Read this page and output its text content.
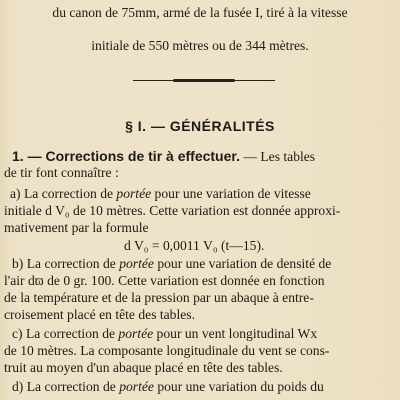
du canon de 75mm, armé de la fusée I, tiré à la vitesse
initiale de 550 mètres ou de 344 mètres.
§ I. — GÉNÉRALITÉS
1. — Corrections de tir à effectuer. — Les tables
de tir font connaître :
a) La correction de portée pour une variation de vitesse
initiale d V₀ de 10 mètres. Cette variation est donnée approxi-
mativement par la formule
d V₀ = 0,0011 V₀ (t—15).
b) La correction de portée pour une variation de densité de
l'air dϖ de 0 gr. 100. Cette variation est donnée en fonction
de la température et de la pression par un abaque à entre-
croisement placé en tête des tables.
c) La correction de portée pour un vent longitudinal Wx
de 10 mètres. La composante longitudinale du vent se cons-
truit au moyen d'un abaque placé en tête des tables.
d) La correction de portée pour une variation du poids du
